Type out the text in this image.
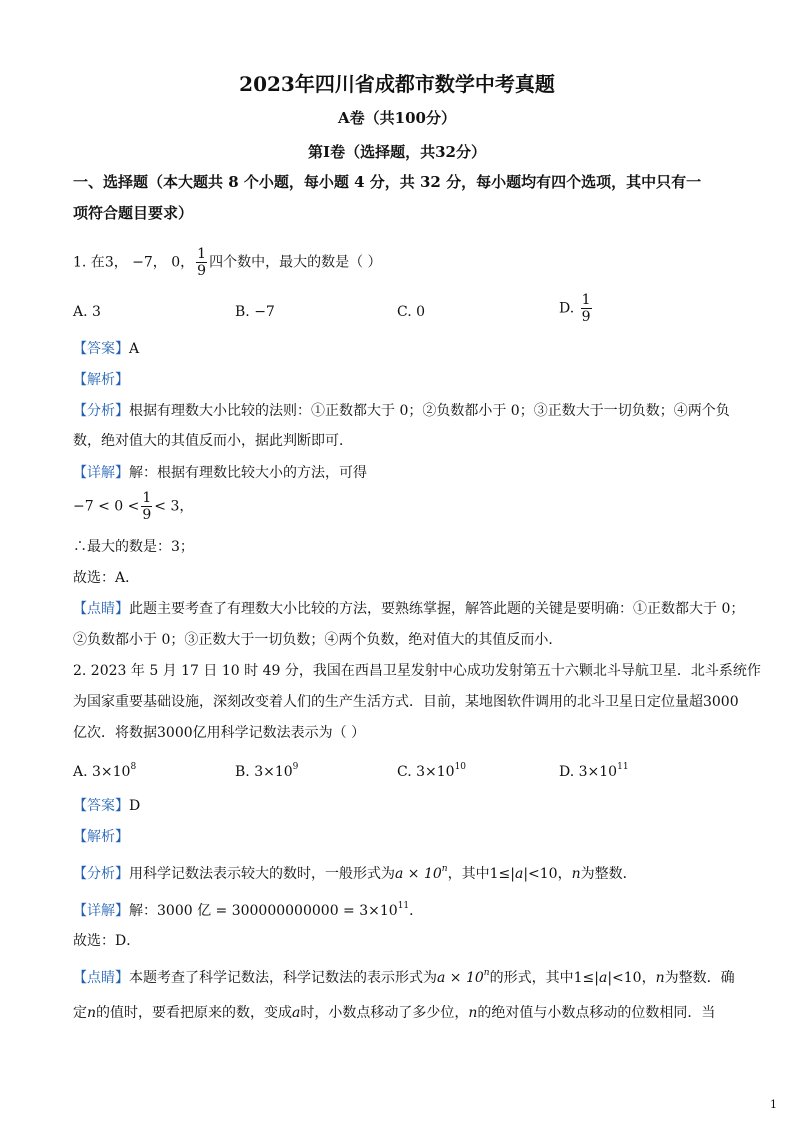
2023年四川省成都市数学中考真题
A卷（共100分）
第Ⅰ卷（选择题，共32分）
一、选择题（本大题共 8 个小题，每小题 4 分，共 32 分，每小题均有四个选项，其中只有一
项符合题目要求）
1. 在3， −7， 0， $\frac{1}{9}$ 四个数中，最大的数是（ ）
A. 3	B. −7	C. 0	D. $\frac{1}{9}$
【答案】A
【解析】
【分析】根据有理数大小比较的法则：①正数都大于 0；②负数都小于 0；③正数大于一切负数；④两个负
数，绝对值大的其值反而小，据此判断即可．
【详解】解：根据有理数比较大小的方法，可得
$-7 < 0 < \frac{1}{9} < 3$，
∴最大的数是：3；
故选：A．
【点睛】此题主要考查了有理数大小比较的方法，要熟练掌握，解答此题的关键是要明确：①正数都大于 0；
②负数都小于 0；③正数大于一切负数；④两个负数，绝对值大的其值反而小．
2. 2023 年 5 月 17 日 10 时 49 分，我国在西昌卫星发射中心成功发射第五十六颗北斗导航卫星．北斗系统作
为国家重要基础设施，深刻改变着人们的生产生活方式．目前，某地图软件调用的北斗卫星日定位量超3000
亿次．将数据3000亿用科学记数法表示为（ ）
A. $3\times 10^8$	B. $3\times 10^9$	C. $3\times 10^{10}$	D. $3\times 10^{11}$
【答案】D
【解析】
【分析】用科学记数法表示较大的数时，一般形式为$a \times 10^n$，其中1≤|a|<10，n为整数．
【详解】解：3000 亿 = $300000000000 = 3\times 10^{11}$．
故选：D．
【点睛】本题考查了科学记数法，科学记数法的表示形式为$a \times 10^n$的形式，其中1≤|a|<10，n为整数．确
定n的值时，要看把原来的数，变成a时，小数点移动了多少位，n的绝对值与小数点移动的位数相同．当
1
